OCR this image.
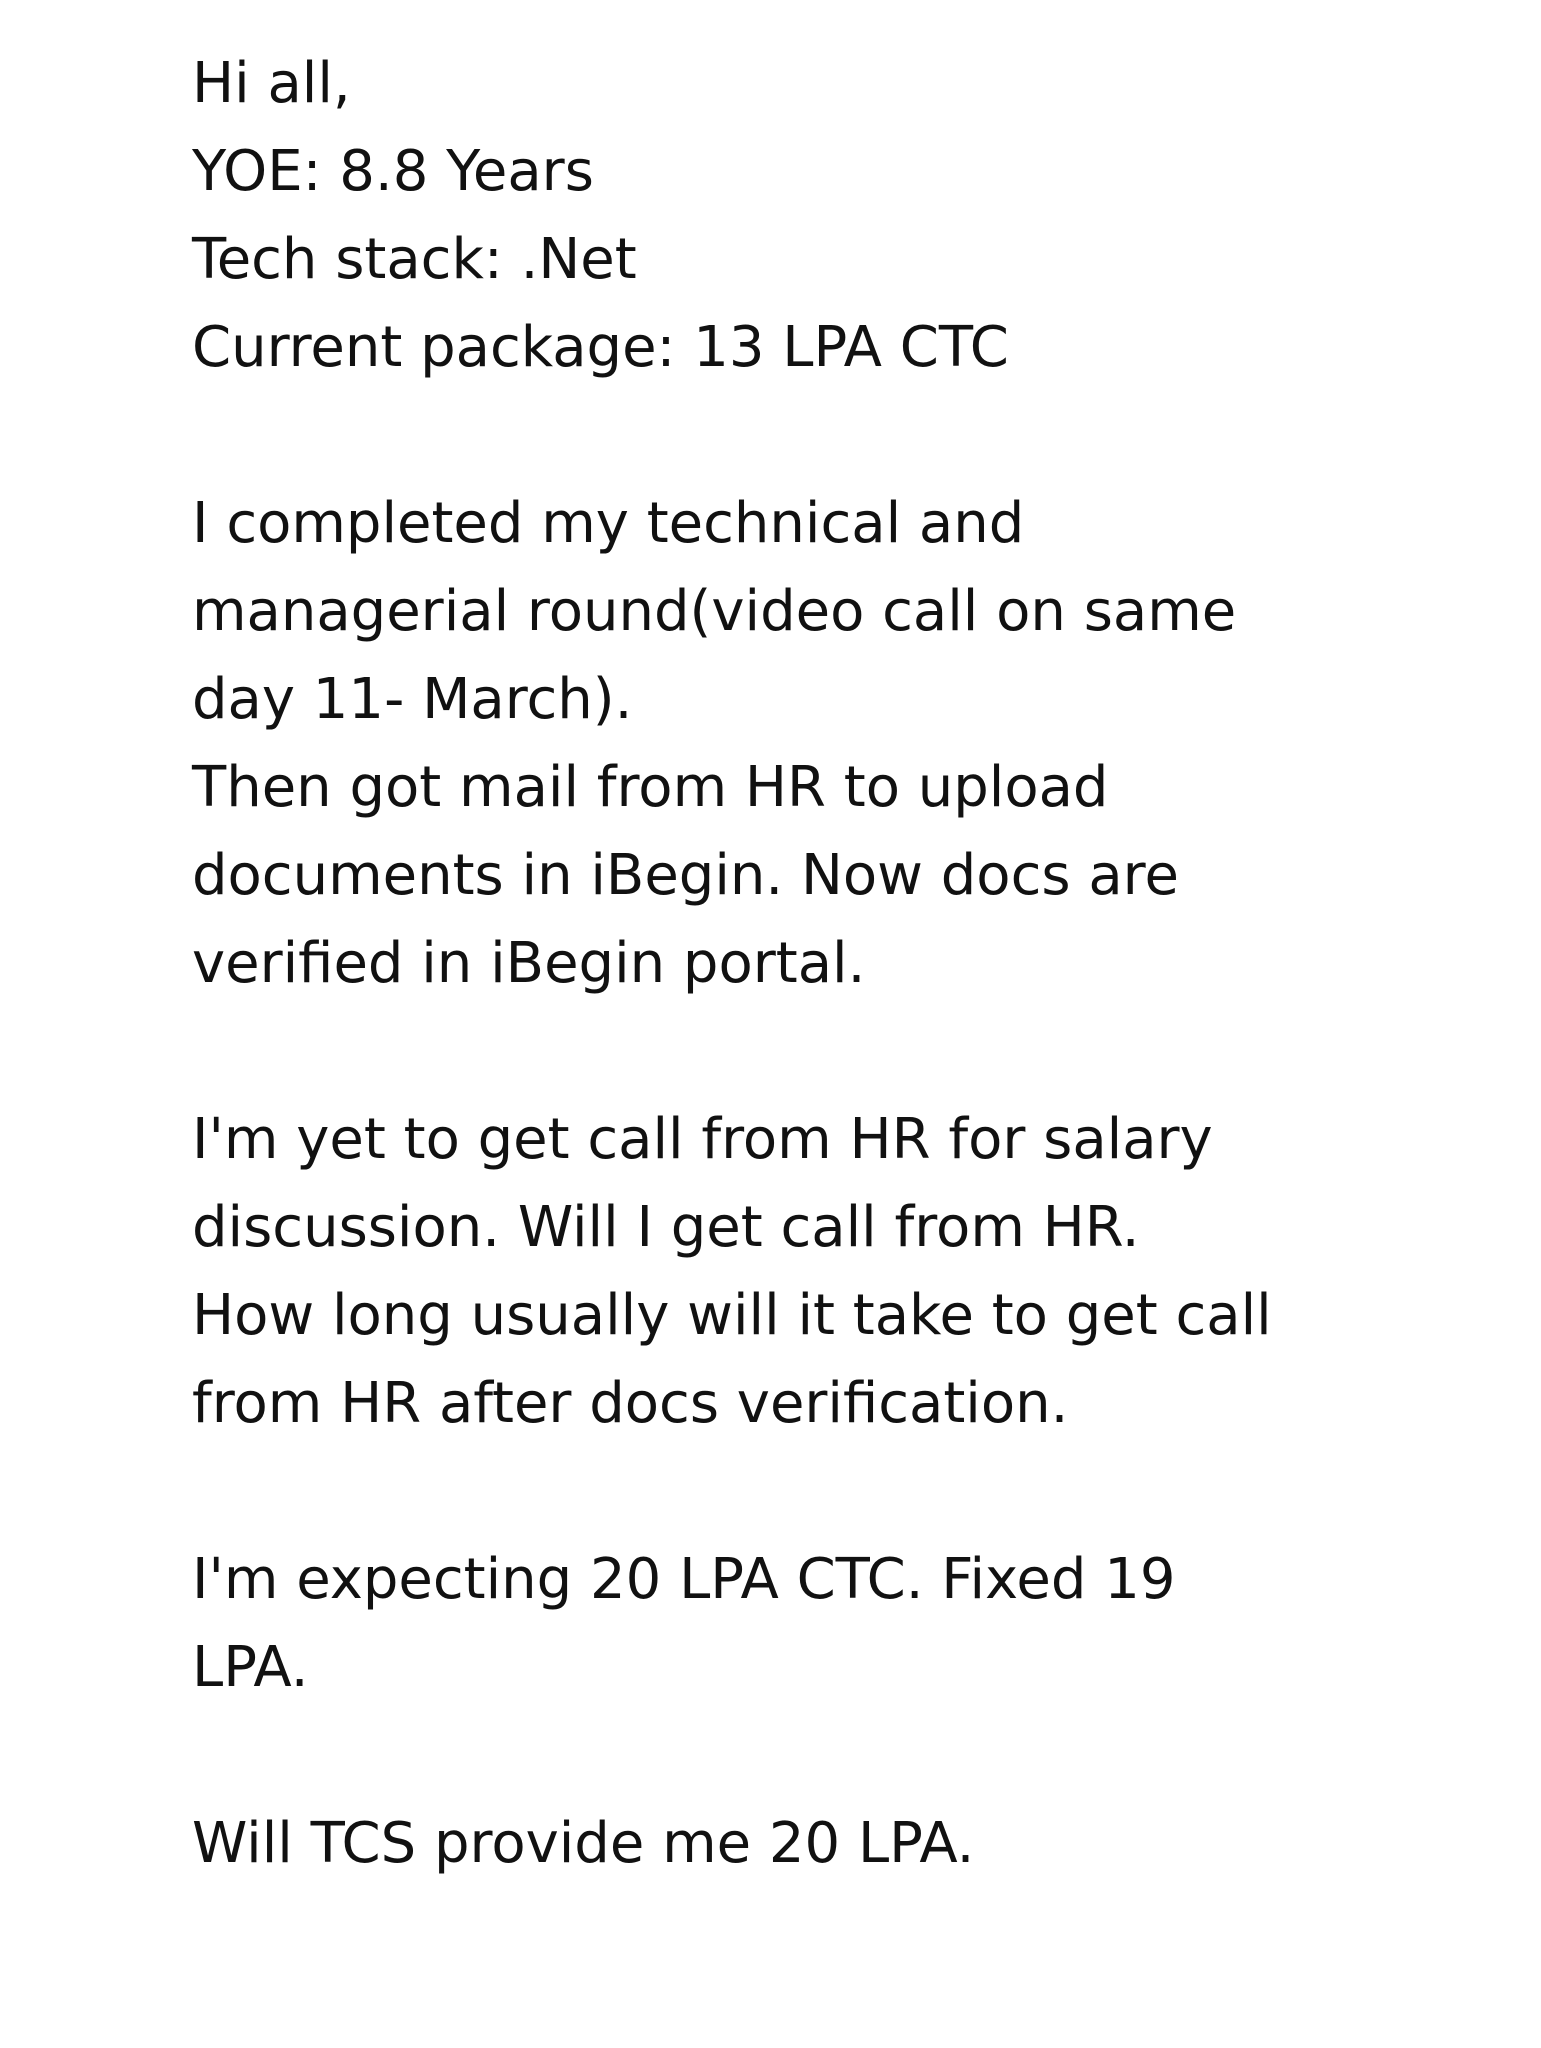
Hi all,
YOE: 8.8 Years
Tech stack: .Net
Current package: 13 LPA CTC
I completed my technical and
managerial round(video call on same
day 11- March).
Then got mail from HR to upload
documents in iBegin. Now docs are
verified in iBegin portal.
I'm yet to get call from HR for salary
discussion. Will I get call from HR.
How long usually will it take to get call
from HR after docs verification.
I'm expecting 20 LPA CTC. Fixed 19
LPA.
Will TCS provide me 20 LPA.
